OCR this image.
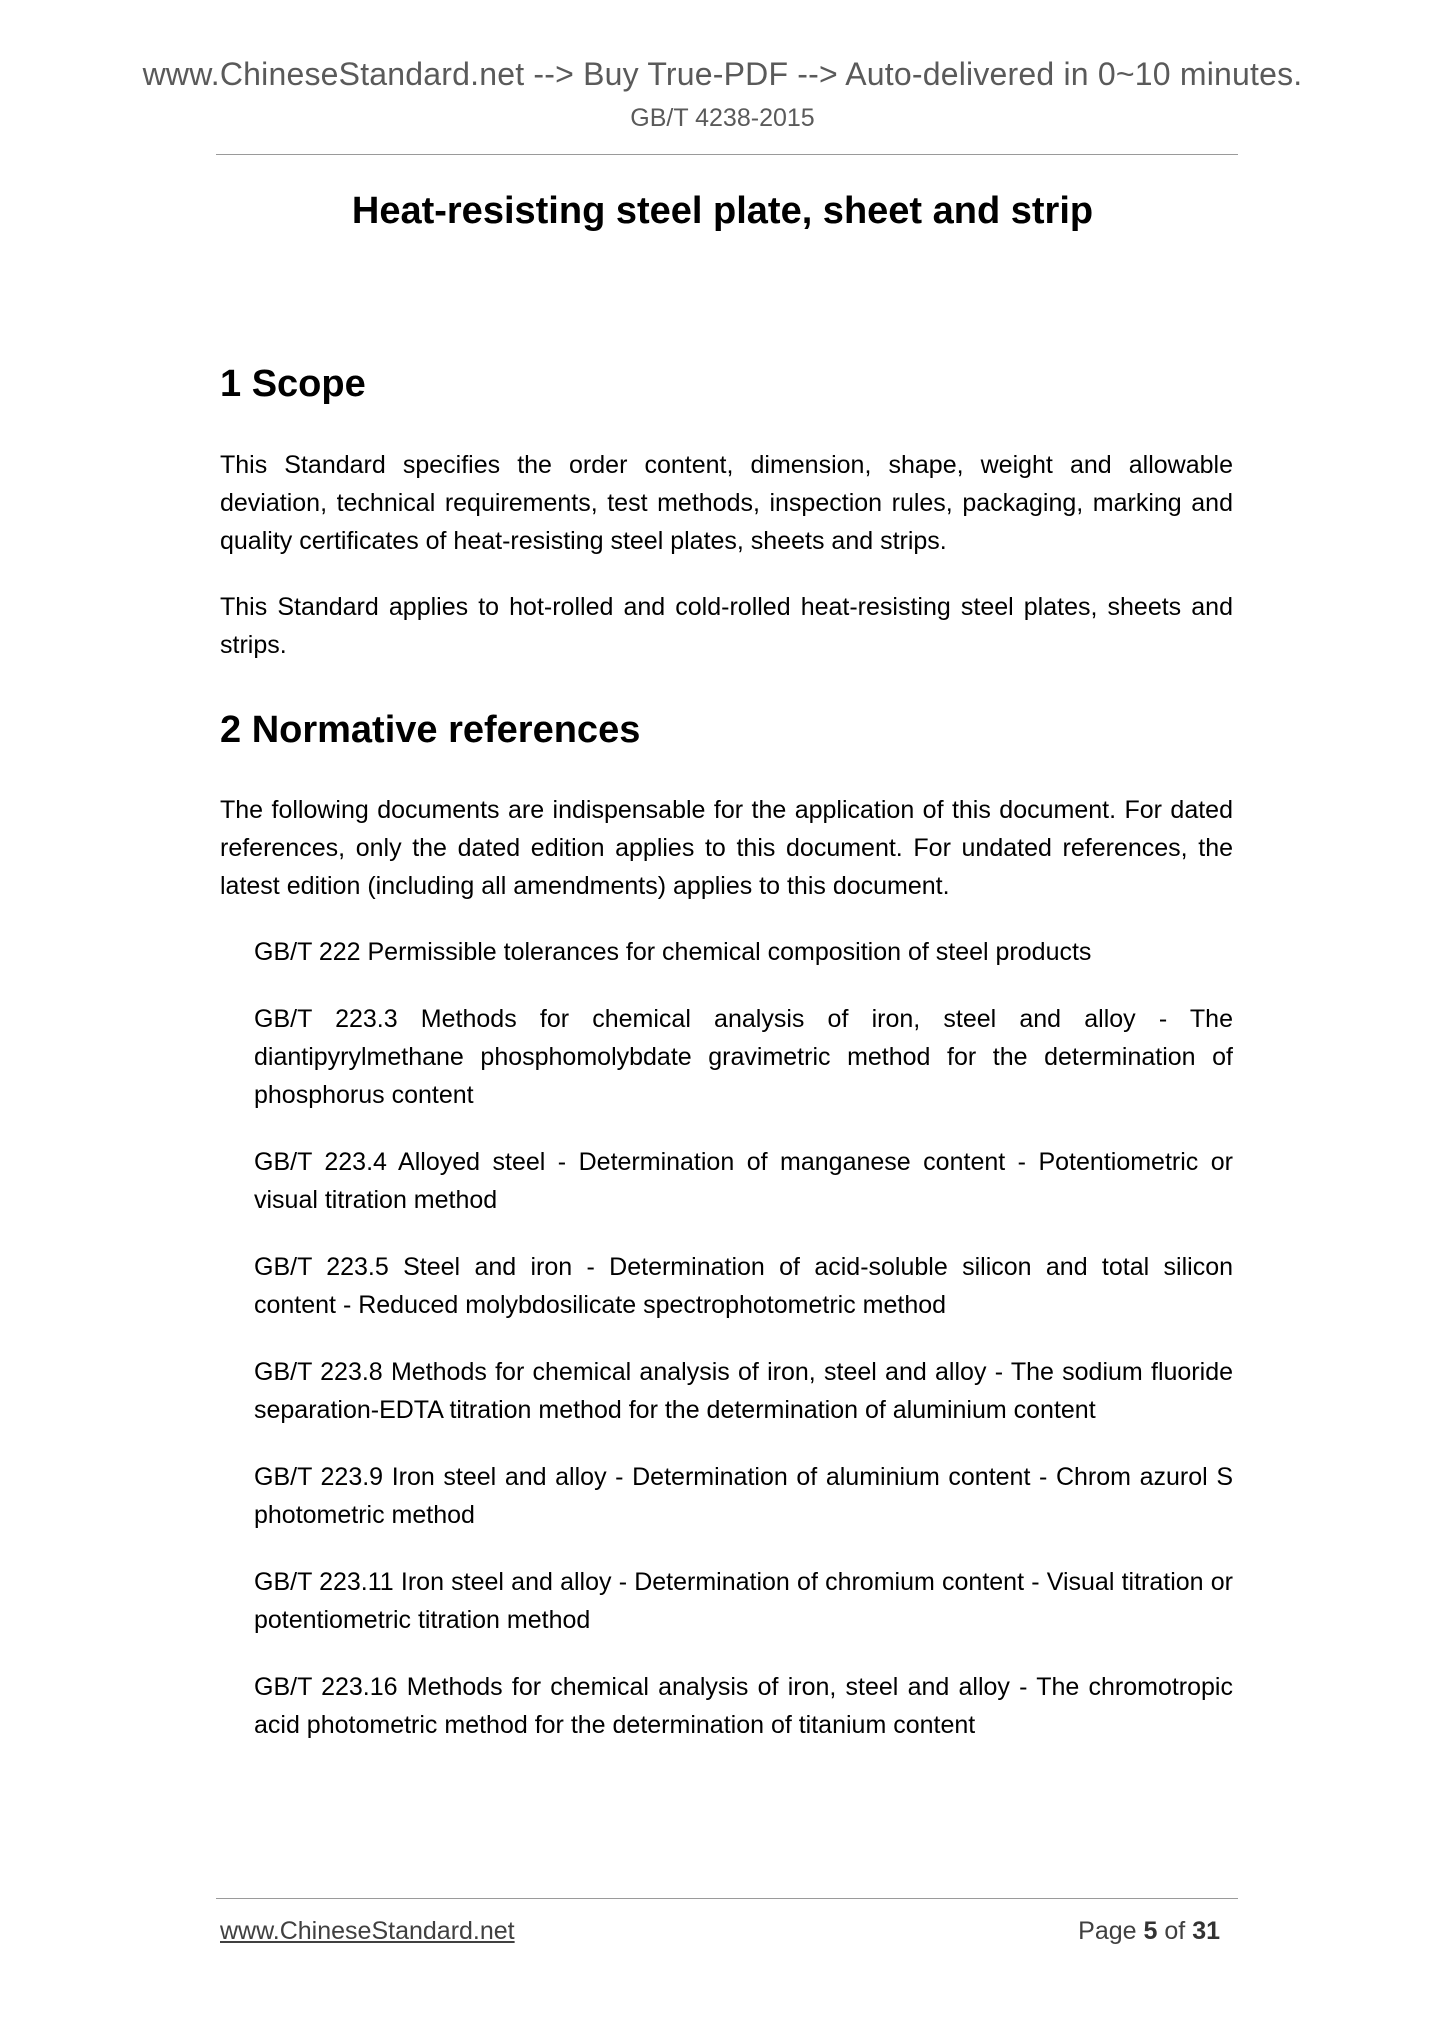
www.ChineseStandard.net --> Buy True-PDF --> Auto-delivered in 0~10 minutes.
GB/T 4238-2015
Heat-resisting steel plate, sheet and strip
1 Scope

This Standard specifies the order content, dimension, shape, weight and allowable deviation, technical requirements, test methods, inspection rules, packaging, marking and quality certificates of heat-resisting steel plates, sheets and strips.

This Standard applies to hot-rolled and cold-rolled heat-resisting steel plates, sheets and strips.

2 Normative references

The following documents are indispensable for the application of this document. For dated references, only the dated edition applies to this document. For undated references, the latest edition (including all amendments) applies to this document.

GB/T 222 Permissible tolerances for chemical composition of steel products
GB/T 223.3 Methods for chemical analysis of iron, steel and alloy - The diantipyrylmethane phosphomolybdate gravimetric method for the determination of phosphorus content
GB/T 223.4 Alloyed steel - Determination of manganese content - Potentiometric or visual titration method
GB/T 223.5 Steel and iron - Determination of acid-soluble silicon and total silicon content - Reduced molybdosilicate spectrophotometric method
GB/T 223.8 Methods for chemical analysis of iron, steel and alloy - The sodium fluoride separation-EDTA titration method for the determination of aluminium content
GB/T 223.9 Iron steel and alloy - Determination of aluminium content - Chrom azurol S photometric method
GB/T 223.11 Iron steel and alloy - Determination of chromium content - Visual titration or potentiometric titration method
GB/T 223.16 Methods for chemical analysis of iron, steel and alloy - The chromotropic acid photometric method for the determination of titanium content
www.ChineseStandard.net	Page 5 of 31
